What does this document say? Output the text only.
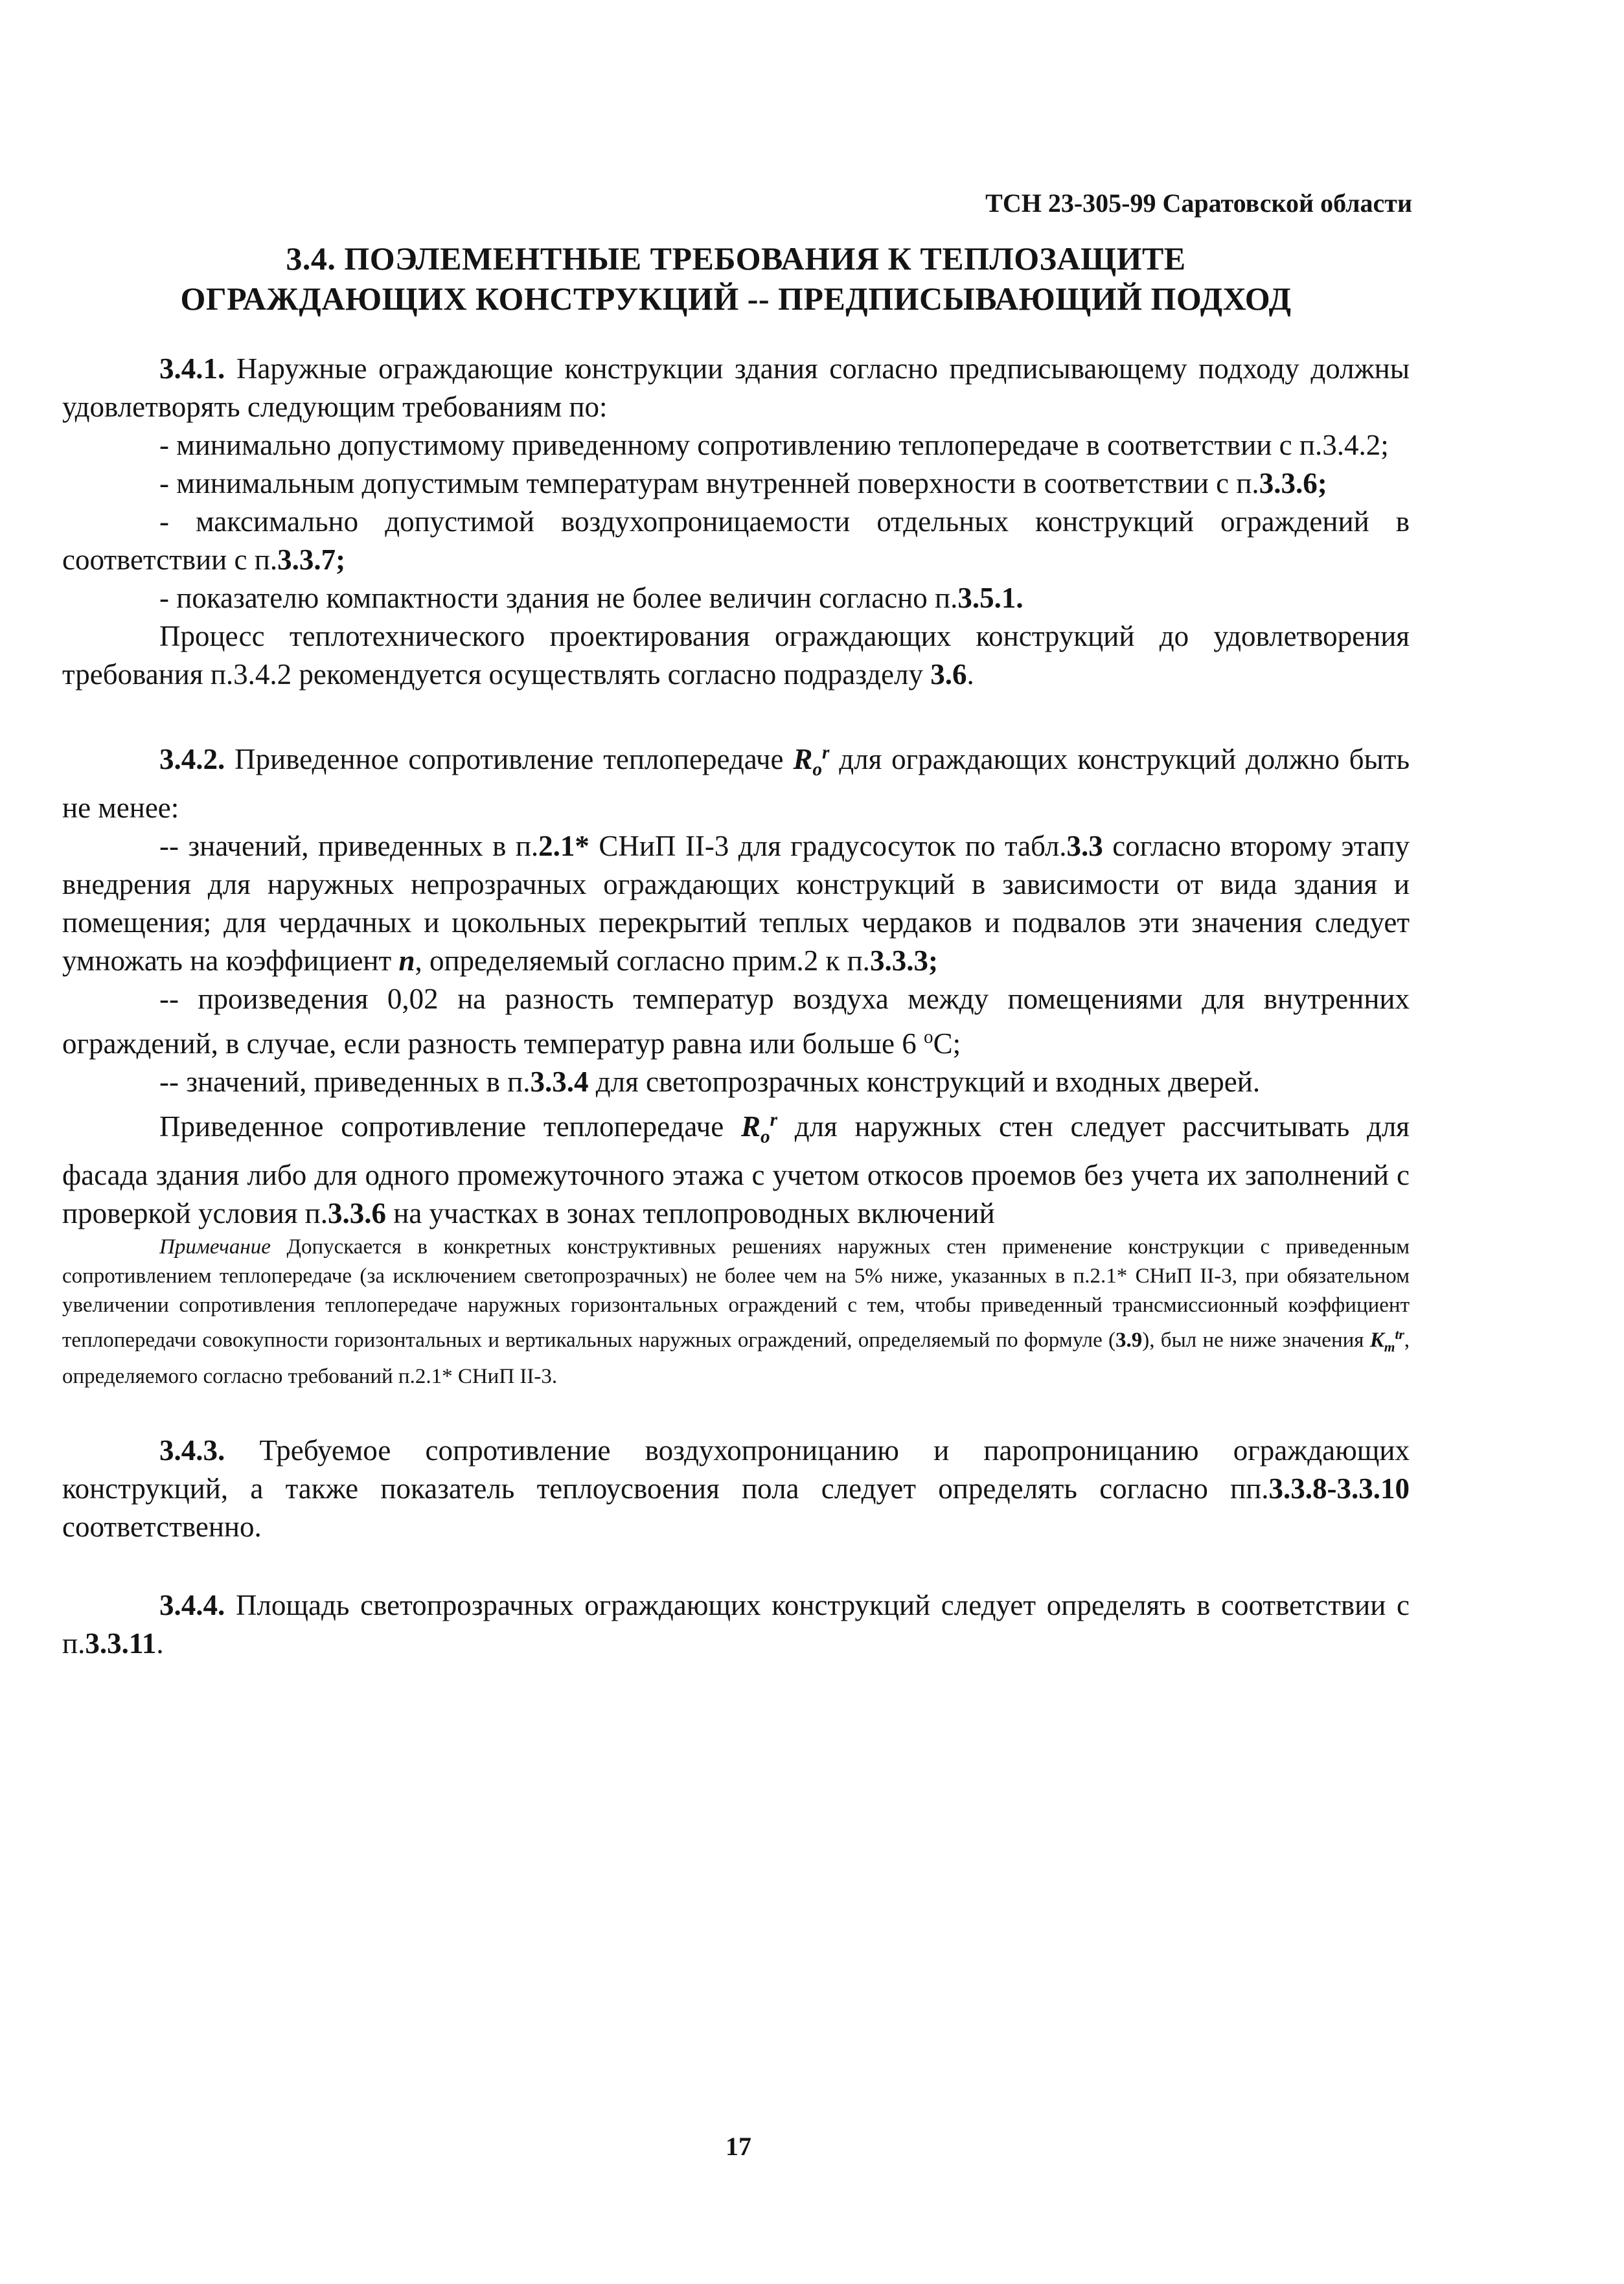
ТСН 23-305-99 Саратовской области
3.4. ПОЭЛЕМЕНТНЫЕ ТРЕБОВАНИЯ К ТЕПЛОЗАЩИТЕ
ОГРАЖДАЮЩИХ КОНСТРУКЦИЙ -- ПРЕДПИСЫВАЮЩИЙ ПОДХОД

3.4.1. Наружные ограждающие конструкции здания согласно предписывающему подходу должны удовлетворять следующим требованиям по:

- минимально допустимому приведенному сопротивлению теплопередаче в соответствии с п.3.4.2;

- минимальным допустимым температурам внутренней поверхности в соответствии с п.3.3.6;

- максимально допустимой воздухопроницаемости отдельных конструкций ограждений в соответствии с п.3.3.7;

- показателю компактности здания не более величин согласно п.3.5.1.

Процесс теплотехнического проектирования ограждающих конструкций до удовлетворения требования п.3.4.2 рекомендуется осуществлять согласно подразделу 3.6.

3.4.2. Приведенное сопротивление теплопередаче $R_o^r$ для ограждающих конструкций должно быть не менее:

-- значений, приведенных в п.2.1* СНиП II-3 для градусосуток по табл.3.3 согласно второму этапу внедрения для наружных непрозрачных ограждающих конструкций в зависимости от вида здания и помещения; для чердачных и цокольных перекрытий теплых чердаков и подвалов эти значения следует умножать на коэффициент n, определяемый согласно прим.2 к п.3.3.3;

-- произведения 0,02 на разность температур воздуха между помещениями для внутренних ограждений, в случае, если разность температур равна или больше 6 $^o$С;

-- значений, приведенных в п.3.3.4 для светопрозрачных конструкций и входных дверей.

Приведенное сопротивление теплопередаче $R_o^r$ для наружных стен следует рассчитывать для фасада здания либо для одного промежуточного этажа с учетом откосов проемов без учета их заполнений с проверкой условия п.3.3.6 на участках в зонах теплопроводных включений

Примечание Допускается в конкретных конструктивных решениях наружных стен применение конструкции с приведенным сопротивлением теплопередаче (за исключением светопрозрачных) не более чем на 5% ниже, указанных в п.2.1* СНиП II-3, при обязательном увеличении сопротивления теплопередаче наружных горизонтальных ограждений с тем, чтобы приведенный трансмиссионный коэффициент теплопередачи совокупности горизонтальных и вертикальных наружных ограждений, определяемый по формуле (3.9), был не ниже значения $K_m^{tr}$, определяемого согласно требований п.2.1* СНиП II-3.

3.4.3. Требуемое сопротивление воздухопроницанию и паропроницанию ограждающих конструкций, а также показатель теплоусвоения пола следует определять согласно пп.3.3.8-3.3.10 соответственно.

3.4.4. Площадь светопрозрачных ограждающих конструкций следует определять в соответствии с п.3.3.11.

17
